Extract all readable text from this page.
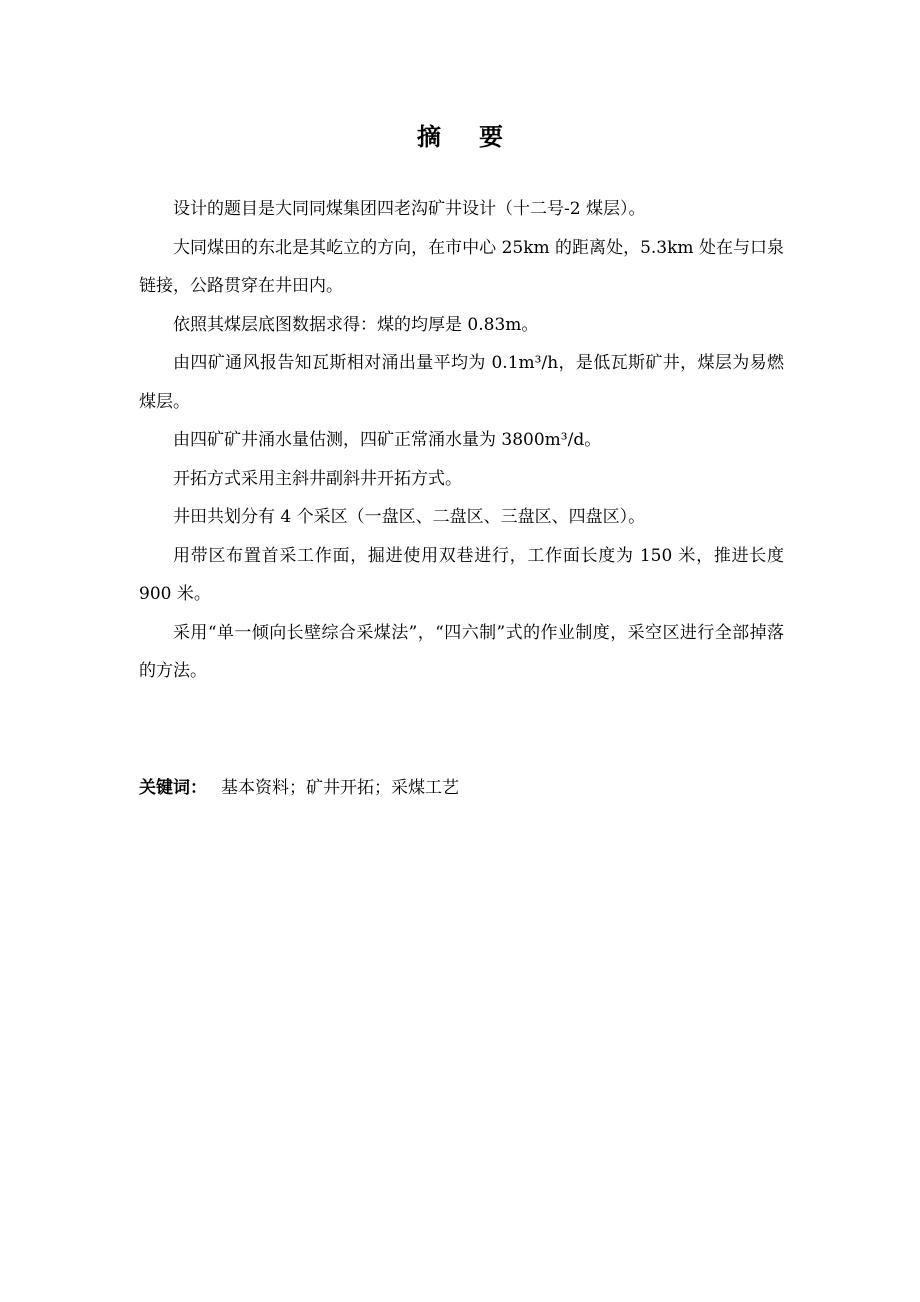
摘 要

设计的题目是大同同煤集团四老沟矿井设计（十二号-2 煤层）。

大同煤田的东北是其屹立的方向，在市中心 25km 的距离处，5.3km 处在与口泉链接，公路贯穿在井田内。

依照其煤层底图数据求得：煤的均厚是 0.83m。

由四矿通风报告知瓦斯相对涌出量平均为 0.1m³/h，是低瓦斯矿井，煤层为易燃煤层。

由四矿矿井涌水量估测，四矿正常涌水量为 3800m³/d。

开拓方式采用主斜井副斜井开拓方式。

井田共划分有 4 个采区（一盘区、二盘区、三盘区、四盘区）。

用带区布置首采工作面，掘进使用双巷进行，工作面长度为 150 米，推进长度 900 米。

采用“单一倾向长壁综合采煤法”，“四六制”式的作业制度，采空区进行全部掉落的方法。

关键词： 基本资料；矿井开拓；采煤工艺
